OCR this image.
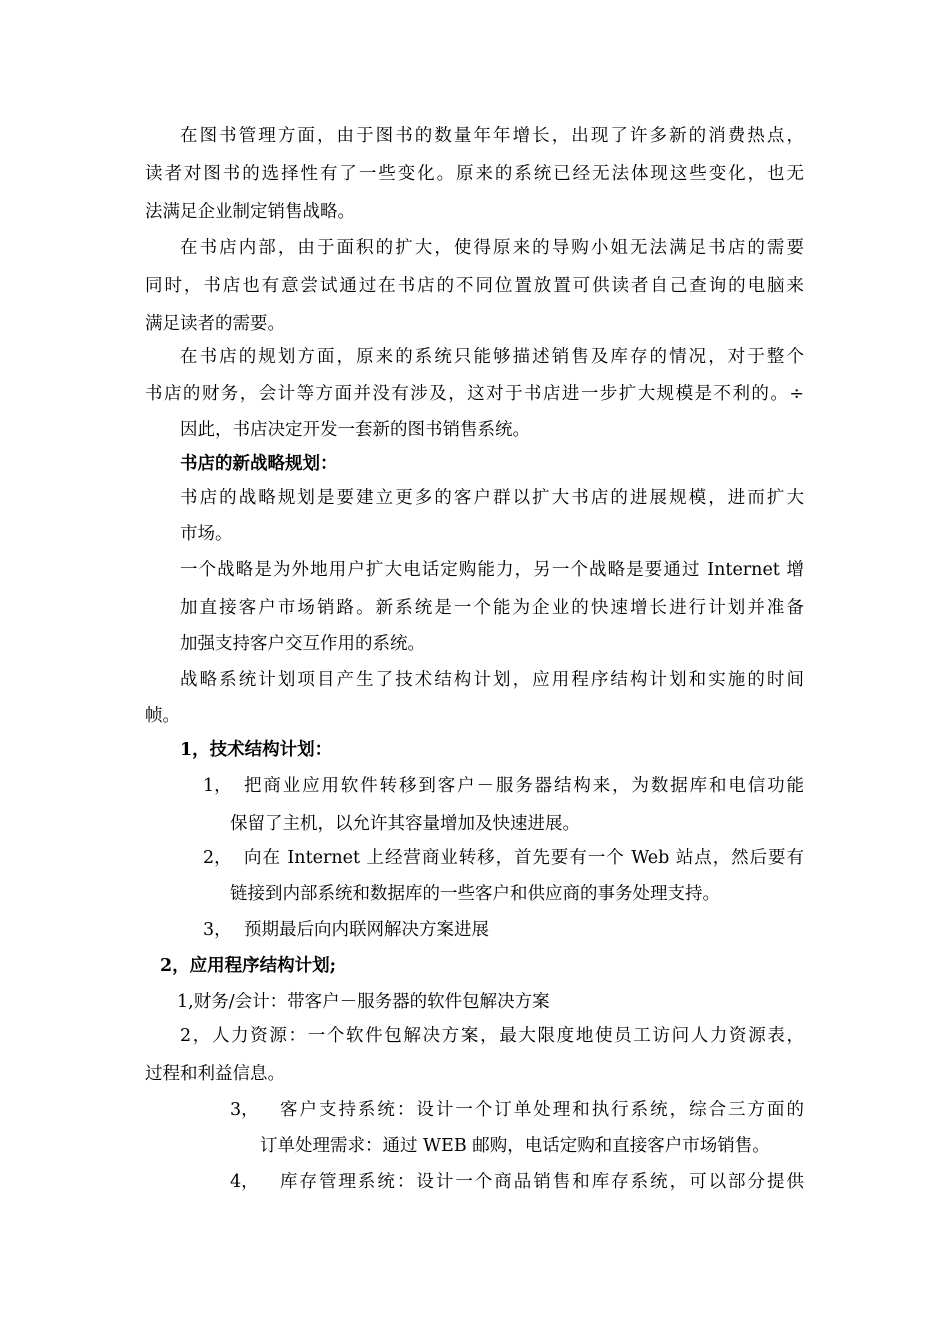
在图书管理方面，由于图书的数量年年增长，出现了许多新的消费热点，
读者对图书的选择性有了一些变化。原来的系统已经无法体现这些变化，也无
法满足企业制定销售战略。
在书店内部，由于面积的扩大，使得原来的导购小姐无法满足书店的需要
同时，书店也有意尝试通过在书店的不同位置放置可供读者自己查询的电脑来
满足读者的需要。
在书店的规划方面，原来的系统只能够描述销售及库存的情况，对于整个
书店的财务，会计等方面并没有涉及，这对于书店进一步扩大规模是不利的。÷
因此，书店决定开发一套新的图书销售系统。
书店的新战略规划：
书店的战略规划是要建立更多的客户群以扩大书店的进展规模，进而扩大
市场。
一个战略是为外地用户扩大电话定购能力，另一个战略是要通过 Internet 增
加直接客户市场销路。新系统是一个能为企业的快速增长进行计划并准备
加强支持客户交互作用的系统。
战略系统计划项目产生了技术结构计划，应用程序结构计划和实施的时间
帧。
1，技术结构计划：
1， 把商业应用软件转移到客户－服务器结构来，为数据库和电信功能
保留了主机，以允许其容量增加及快速进展。
2， 向在 Internet 上经营商业转移，首先要有一个 Web 站点，然后要有
链接到内部系统和数据库的一些客户和供应商的事务处理支持。
3， 预期最后向内联网解决方案进展
2，应用程序结构计划;
1,财务/会计：带客户－服务器的软件包解决方案
2，人力资源：一个软件包解决方案，最大限度地使员工访问人力资源表，
过程和利益信息。
3， 客户支持系统：设计一个订单处理和执行系统，综合三方面的
订单处理需求：通过 WEB 邮购，电话定购和直接客户市场销售。
4， 库存管理系统：设计一个商品销售和库存系统，可以部分提供
